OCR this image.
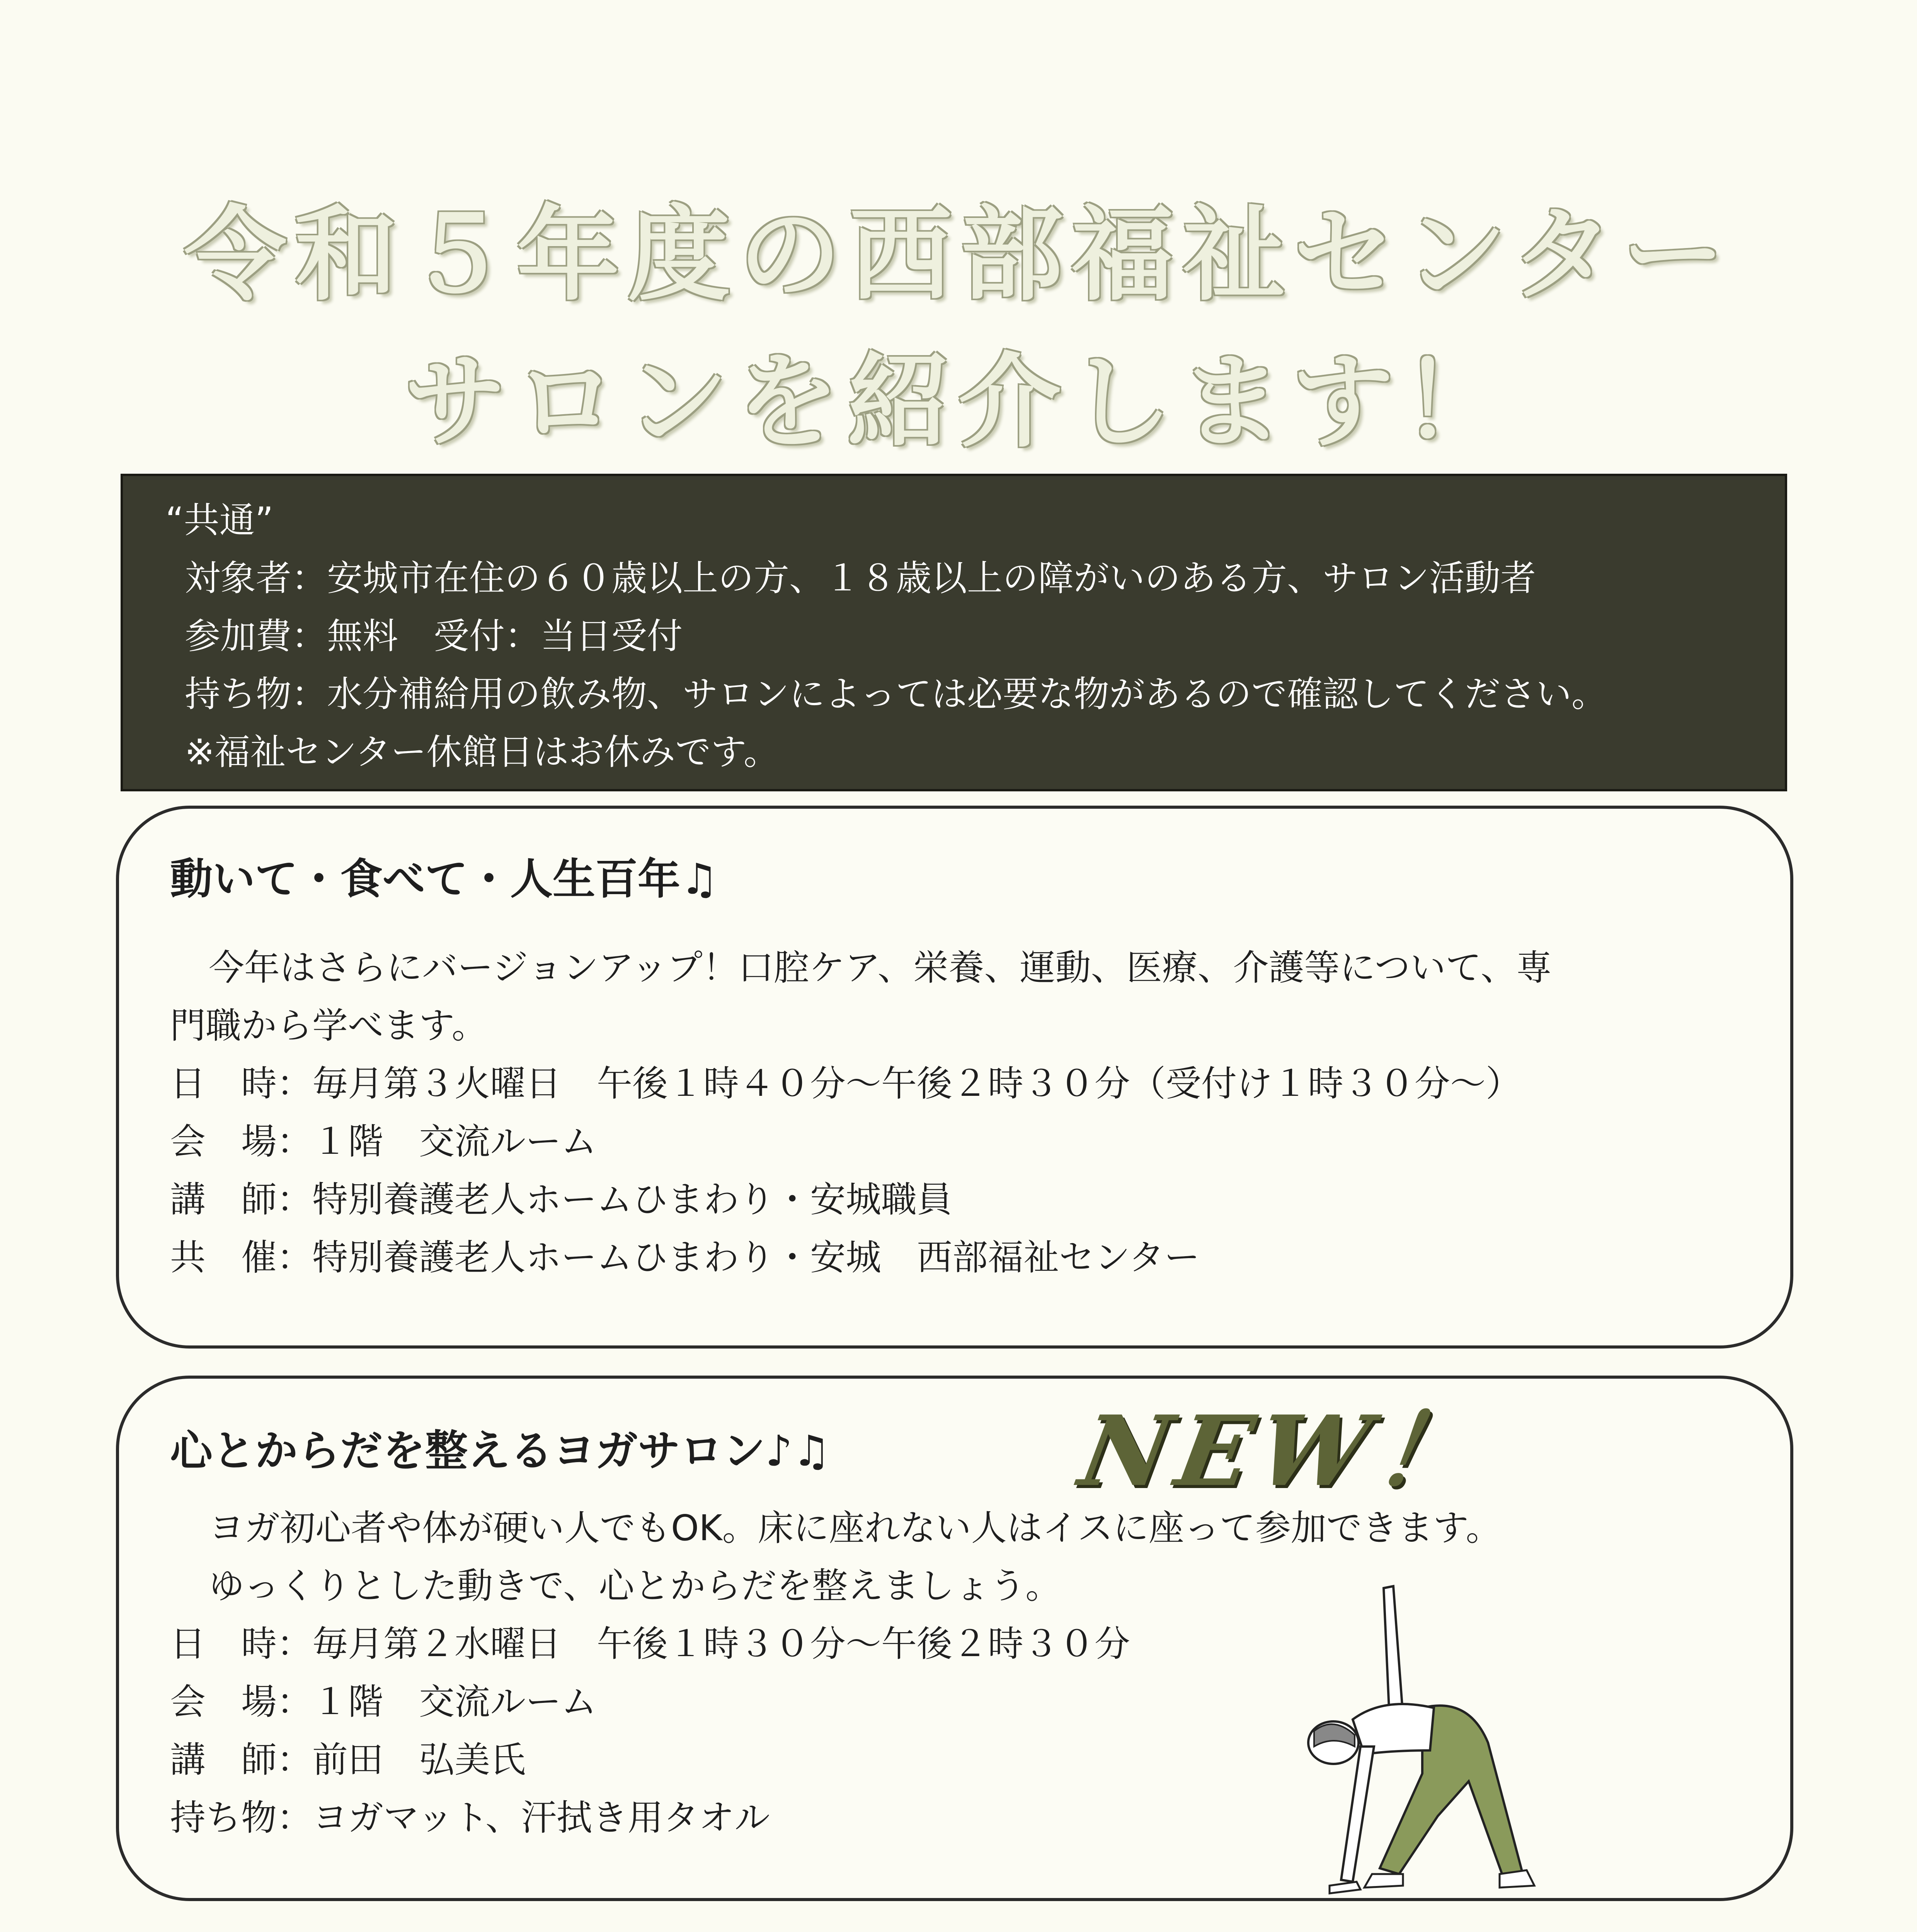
令和５年度の西部福祉センター
サロンを紹介します！
“共通”
対象者：安城市在住の６０歳以上の方、１８歳以上の障がいのある方、サロン活動者
参加費：無料　受付：当日受付
持ち物：水分補給用の飲み物、サロンによっては必要な物があるので確認してください。
※福祉センター休館日はお休みです。
動いて・食べて・人生百年♫
今年はさらにバージョンアップ！口腔ケア、栄養、運動、医療、介護等について、専
門職から学べます。
日　時：毎月第３火曜日　午後１時４０分～午後２時３０分（受付け１時３０分～）
会　場：１階　交流ルーム
講　師：特別養護老人ホームひまわり・安城職員
共　催：特別養護老人ホームひまわり・安城　西部福祉センター
心とからだを整えるヨガサロン♪♫	NEW！
ヨガ初心者や体が硬い人でもOK。床に座れない人はイスに座って参加できます。
ゆっくりとした動きで、心とからだを整えましょう。
日　時：毎月第２水曜日　午後１時３０分～午後２時３０分
会　場：１階　交流ルーム
講　師：前田　弘美氏
持ち物：ヨガマット、汗拭き用タオル
